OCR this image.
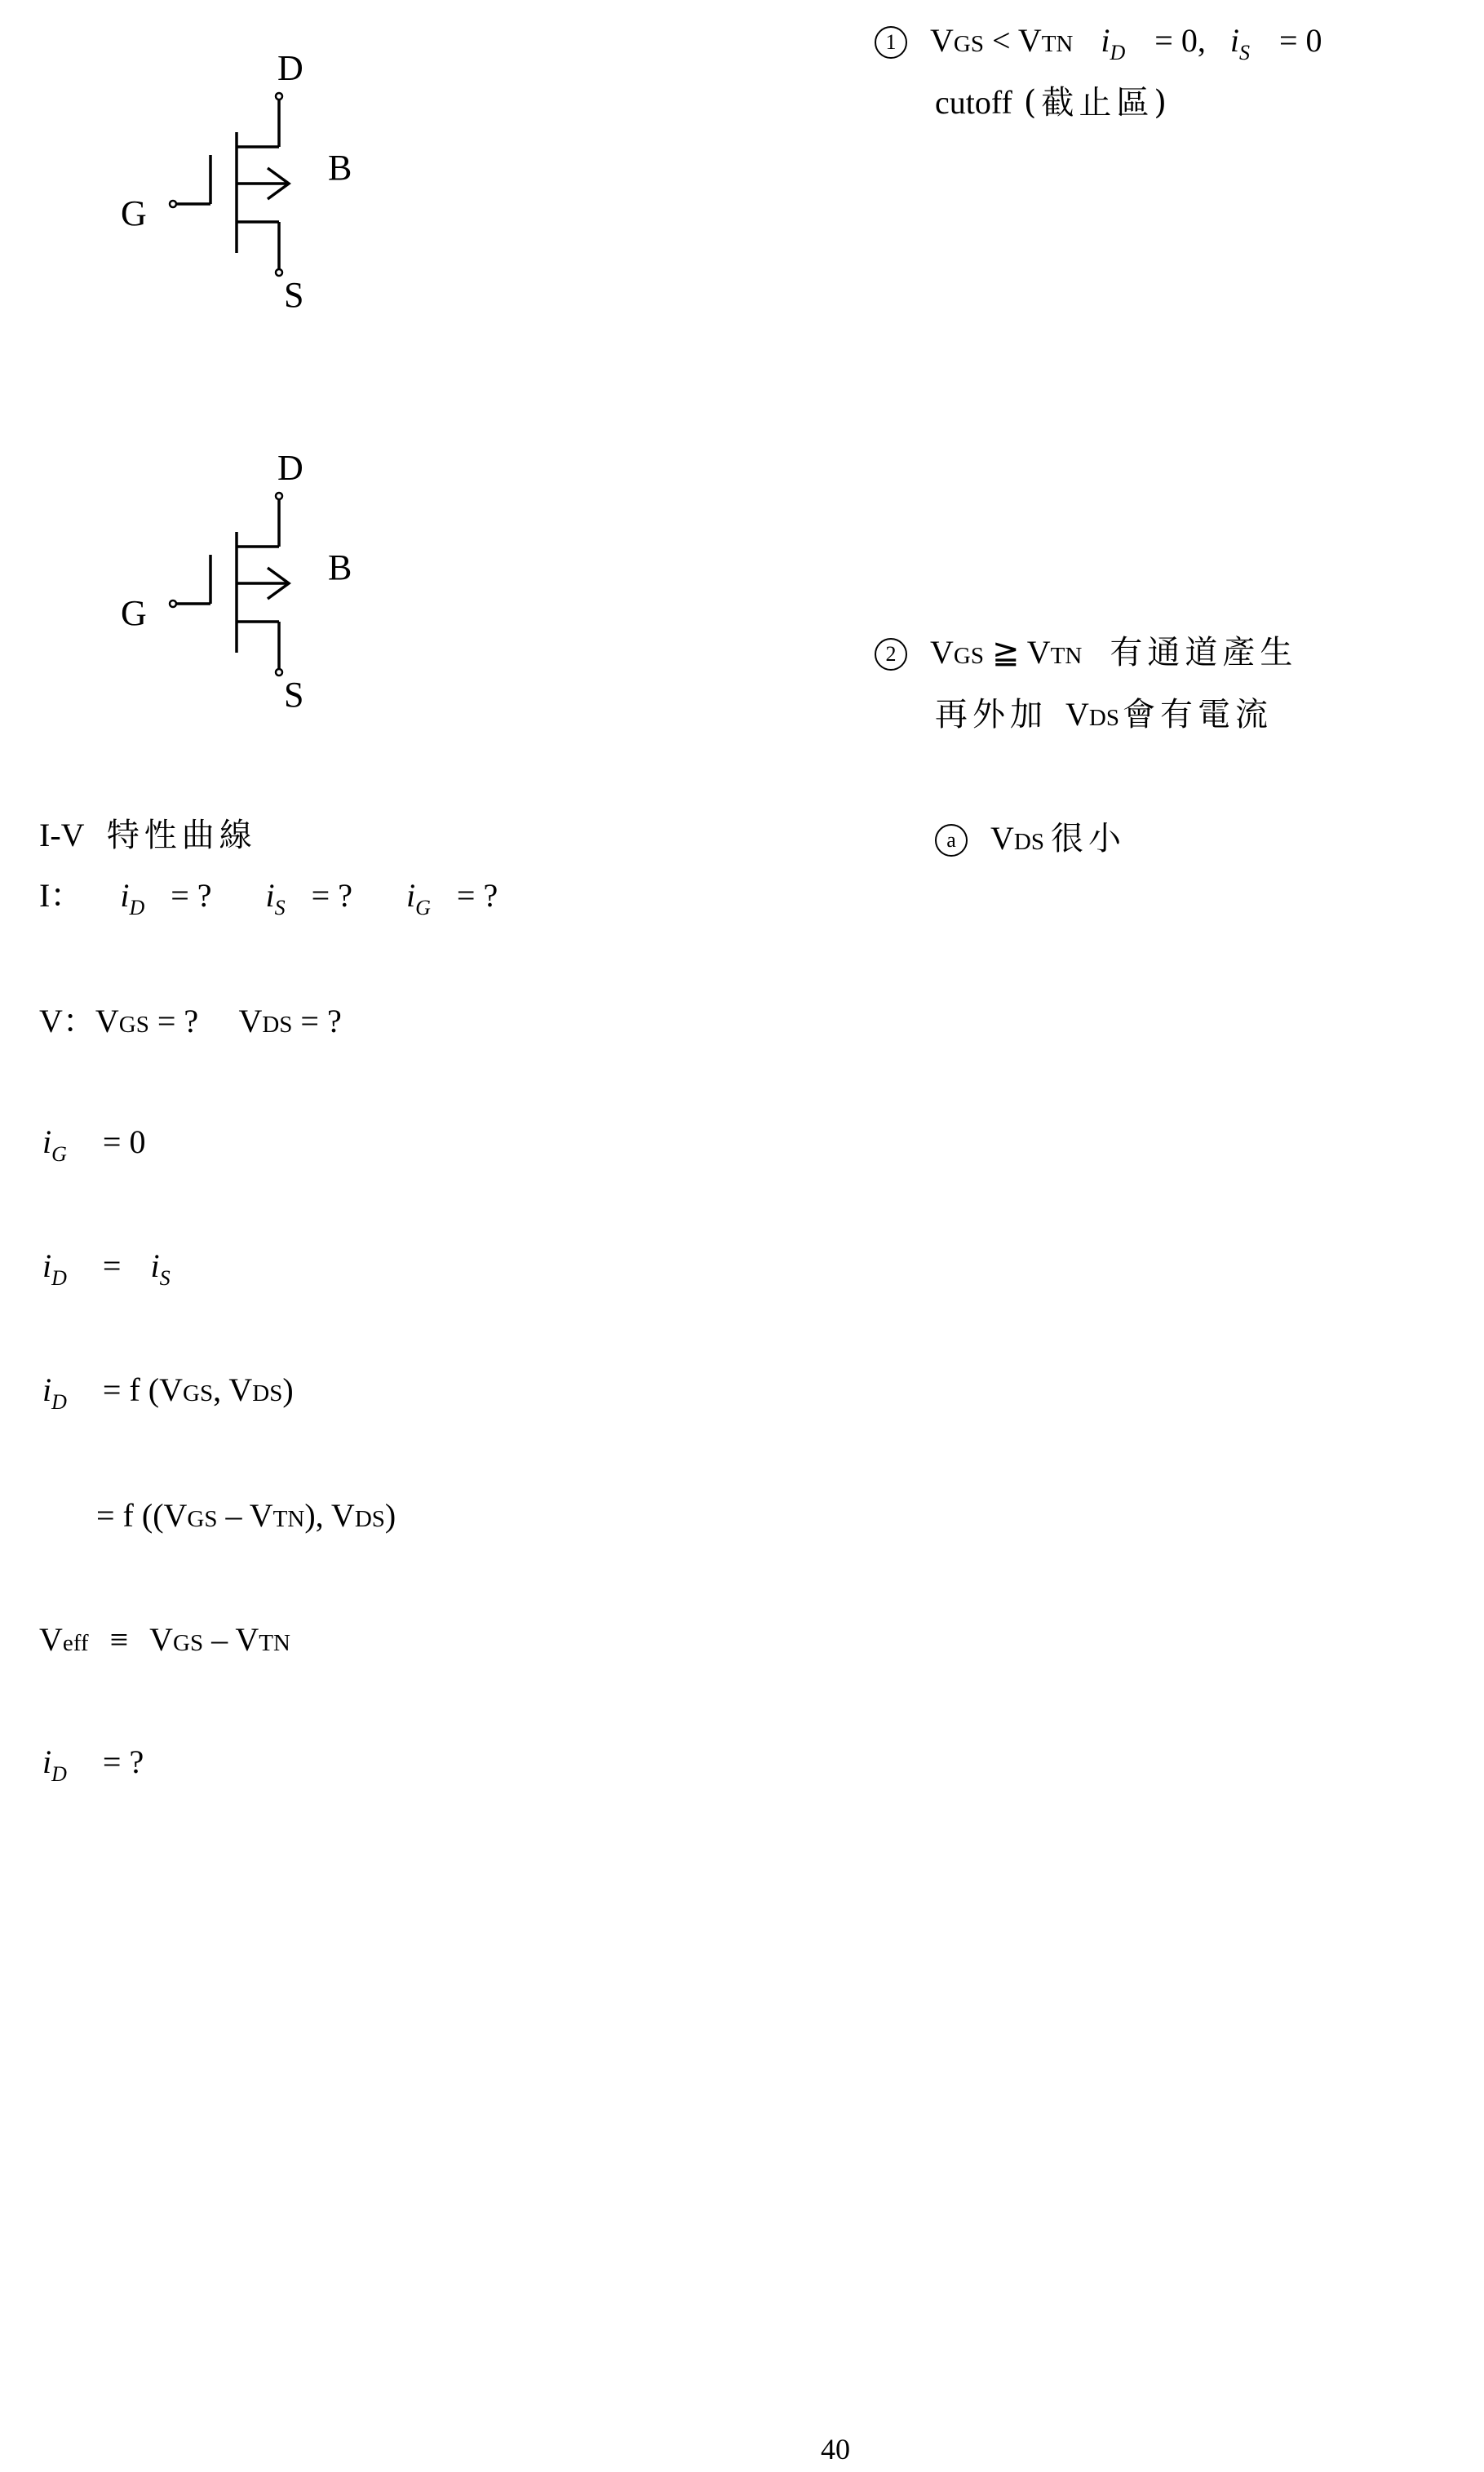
D
G
B
S
D
G
B
S
I-V 特性曲線
I： $i_D$ = ? $i_S$ = ? $i_G$ = ?
V：VGS = ? VDS = ?
$i_G = 0$
$i_D = i_S$
$i_D = f$ (VGS, VDS)
= f ((VGS – VTN), VDS)
Veff ≡ VGS – VTN
$i_D$ = ?
1 VGS < VTN $i_D = 0$, $i_S = 0$
cutoff (截止區)
2 VGS ≧ VTN 有通道產生
再外加 VDS 會有電流
a VDS 很小
40
